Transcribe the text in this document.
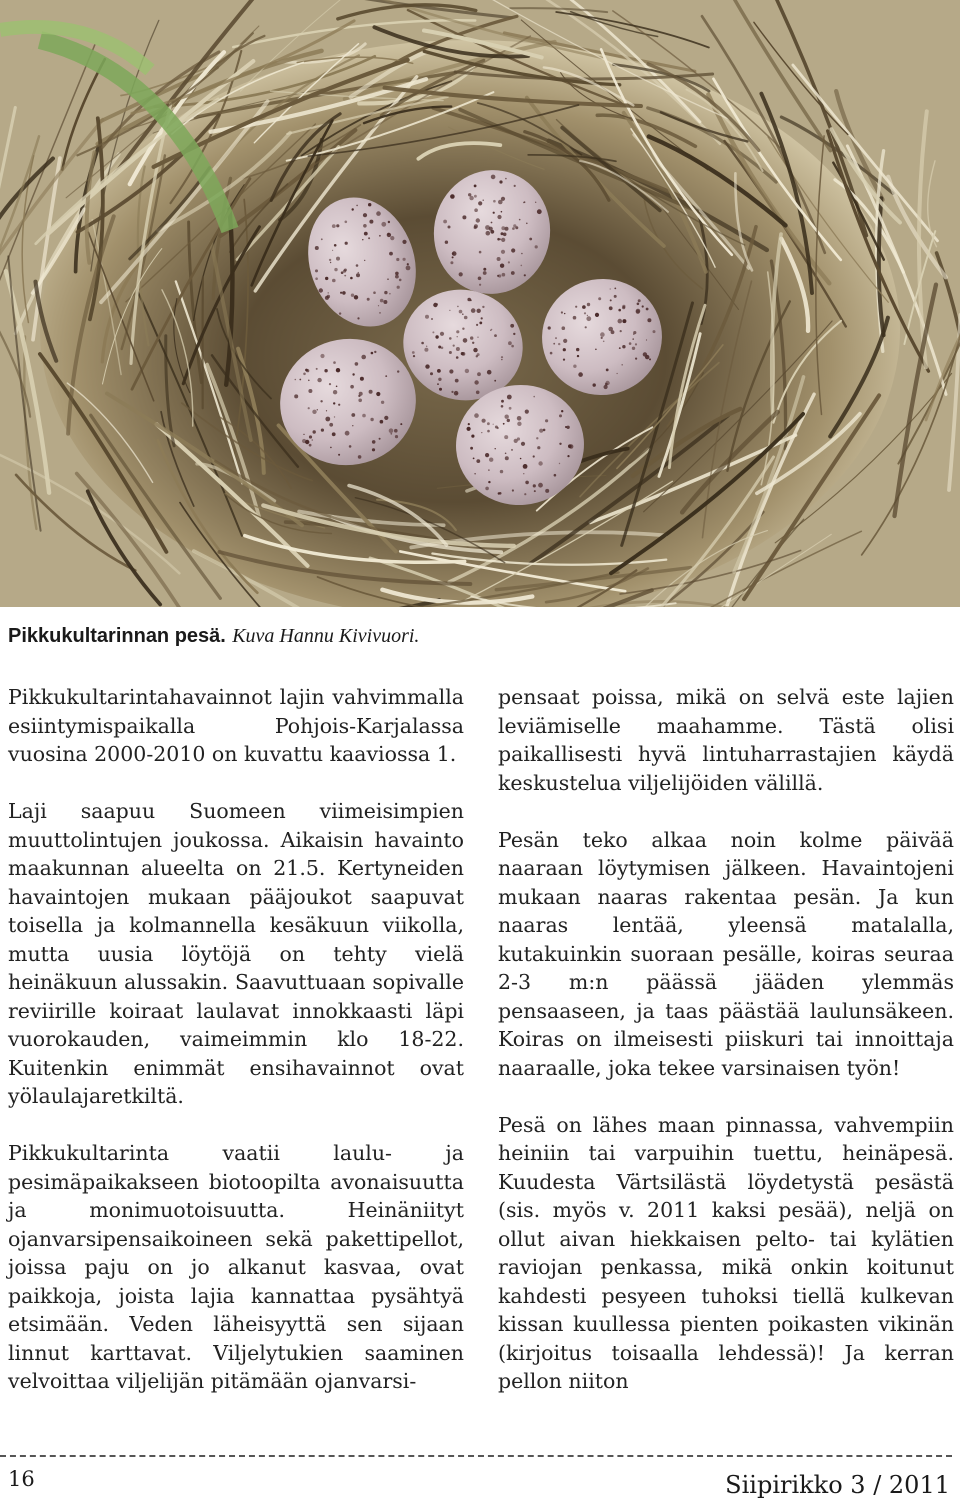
Pikkukultarinnan pesä. Kuva Hannu Kivivuori.

Pikkukultarintahavainnot lajin vahvimmalla esiintymispaikalla Pohjois-Karjalassa vuosina 2000-2010 on kuvattu kaaviossa 1.

Laji saapuu Suomeen viimeisimpien muuttolintujen joukossa. Aikaisin havainto maakunnan alueelta on 21.5. Kertyneiden havaintojen mukaan pääjoukot saapuvat toisella ja kolmannella kesäkuun viikolla, mutta uusia löytöjä on tehty vielä heinäkuun alussakin. Saavuttuaan sopivalle reviirille koiraat laulavat innokkaasti läpi vuorokauden, vaimeimmin klo 18-22. Kuitenkin enimmät ensihavainnot ovat yölaulajaretkiltä.

Pikkukultarinta vaatii laulu- ja pesimäpaikakseen biotoopilta avonaisuutta ja monimuotoisuutta. Heinäniityt ojanvarsipensaikoineen sekä pakettipellot, joissa paju on jo alkanut kasvaa, ovat paikkoja, joista lajia kannattaa pysähtyä etsimään. Veden läheisyyttä sen sijaan linnut karttavat. Viljelytukien saaminen velvoittaa viljelijän pitämään ojanvarsi-

pensaat poissa, mikä on selvä este lajien leviämiselle maahamme. Tästä olisi paikallisesti hyvä lintuharrastajien käydä keskustelua viljelijöiden välillä.

Pesän teko alkaa noin kolme päivää naaraan löytymisen jälkeen. Havaintojeni mukaan naaras rakentaa pesän. Ja kun naaras lentää, yleensä matalalla, kutakuinkin suoraan pesälle, koiras seuraa 2-3 m:n päässä jääden ylemmäs pensaaseen, ja taas päästää laulunsäkeen. Koiras on ilmeisesti piiskuri tai innoittaja naaraalle, joka tekee varsinaisen työn!

Pesä on lähes maan pinnassa, vahvempiin heiniin tai varpuihin tuettu, heinäpesä. Kuudesta Värtsilästä löydetystä pesästä (sis. myös v. 2011 kaksi pesää), neljä on ollut aivan hiekkaisen pelto- tai kylätien raviojan penkassa, mikä onkin koitunut kahdesti pesyeen tuhoksi tiellä kulkevan kissan kuullessa pienten poikasten vikinän (kirjoitus toisaalla lehdessä)! Ja kerran pellon niiton

16	Siipirikko 3 / 2011
